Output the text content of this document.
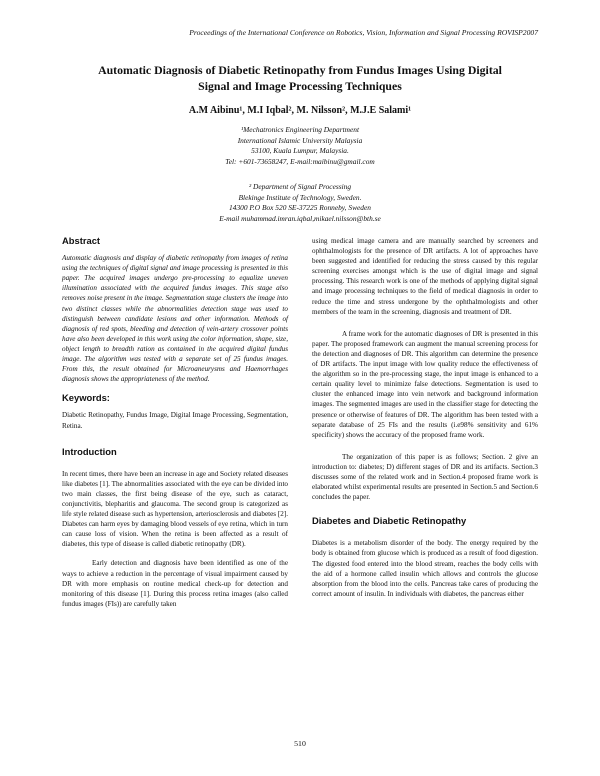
Proceedings of the International Conference on Robotics, Vision, Information and Signal Processing ROVISP2007
Automatic Diagnosis of Diabetic Retinopathy from Fundus Images Using Digital
Signal and Image Processing Techniques
A.M Aibinu¹, M.I Iqbal², M. Nilsson², M.J.E Salami¹
¹Mechatronics Engineering Department
International Islamic University Malaysia
53100, Kuala Lumpur, Malaysia.
Tel: +601-73658247, E-mail:maibinu@gmail.com
² Department of Signal Processing
Blekinge Institute of Technology, Sweden.
14300 P.O Box 520 SE-37225 Ronneby, Sweden
E-mail muhammad.imran.iqbal,mikael.nilsson@bth.se
Abstract

Automatic diagnosis and display of diabetic retinopathy from images of retina using the techniques of digital signal and image processing is presented in this paper. The acquired images undergo pre-processing to equalize uneven illumination associated with the acquired fundus images. This stage also removes noise present in the image. Segmentation stage clusters the image into two distinct classes while the abnormalities detection stage was used to distinguish between candidate lesions and other information. Methods of diagnosis of red spots, bleeding and detection of vein-artery crossover points have also been developed in this work using the color information, shape, size, object length to breadth ration as contained in the acquired digital fundus image. The algorithm was tested with a separate set of 25 fundus images. From this, the result obtained for Microaneurysms and Haemorrhages diagnosis shows the appropriateness of the method.

Keywords:

Diabetic Retinopathy, Fundus Image, Digital Image Processing, Segmentation, Retina.

Introduction

In recent times, there have been an increase in age and Society related diseases like diabetes [1]. The abnormalities associated with the eye can be divided into two main classes, the first being disease of the eye, such as cataract, conjunctivitis, blepharitis and glaucoma. The second group is categorized as life style related disease such as hypertension, arteriosclerosis and diabetes [2]. Diabetes can harm eyes by damaging blood vessels of eye retina, which in turn can cause loss of vision. When the retina is been affected as a result of diabetes, this type of disease is called diabetic retinopathy (DR).

Early detection and diagnosis have been identified as one of the ways to achieve a reduction in the percentage of visual impairment caused by DR with more emphasis on routine medical check-up for detection and monitoring of this disease [1]. During this process retina images (also called fundus images (FIs)) are carefully taken

using medical image camera and are manually searched by screeners and ophthalmologists for the presence of DR artifacts. A lot of approaches have been suggested and identified for reducing the stress caused by this regular screening exercises amongst which is the use of digital image and signal processing. This research work is one of the methods of applying digital signal and image processing techniques to the field of medical diagnosis in order to reduce the time and stress undergone by the ophthalmologists and other members of the team in the screening, diagnosis and treatment of DR.

A frame work for the automatic diagnoses of DR is presented in this paper. The proposed framework can augment the manual screening process for the detection and diagnoses of DR. This algorithm can determine the presence of DR artifacts. The input image with low quality reduce the effectiveness of the algorithm so in the pre-processing stage, the input image is enhanced to a certain quality level to minimize false detections. Segmentation is used to cluster the enhanced image into vein network and background information images. The segmented images are used in the classifier stage for detecting the presence or otherwise of features of DR. The algorithm has been tested with a separate database of 25 FIs and the results (i.e98% sensitivity and 61% specificity) shows the accuracy of the proposed frame work.

The organization of this paper is as follows; Section. 2 give an introduction to: diabetes; D) different stages of DR and its artifacts. Section.3 discusses some of the related work and in Section.4 proposed frame work is elaborated whilst experimental results are presented in Section.5 and Section.6 concludes the paper.

Diabetes and Diabetic Retinopathy

Diabetes is a metabolism disorder of the body. The energy required by the body is obtained from glucose which is produced as a result of food digestion. The digested food entered into the blood stream, reaches the body cells with the aid of a hormone called insulin which allows and controls the glucose absorption from the blood into the cells. Pancreas take cares of producing the correct amount of insulin. In individuals with diabetes, the pancreas either

510
